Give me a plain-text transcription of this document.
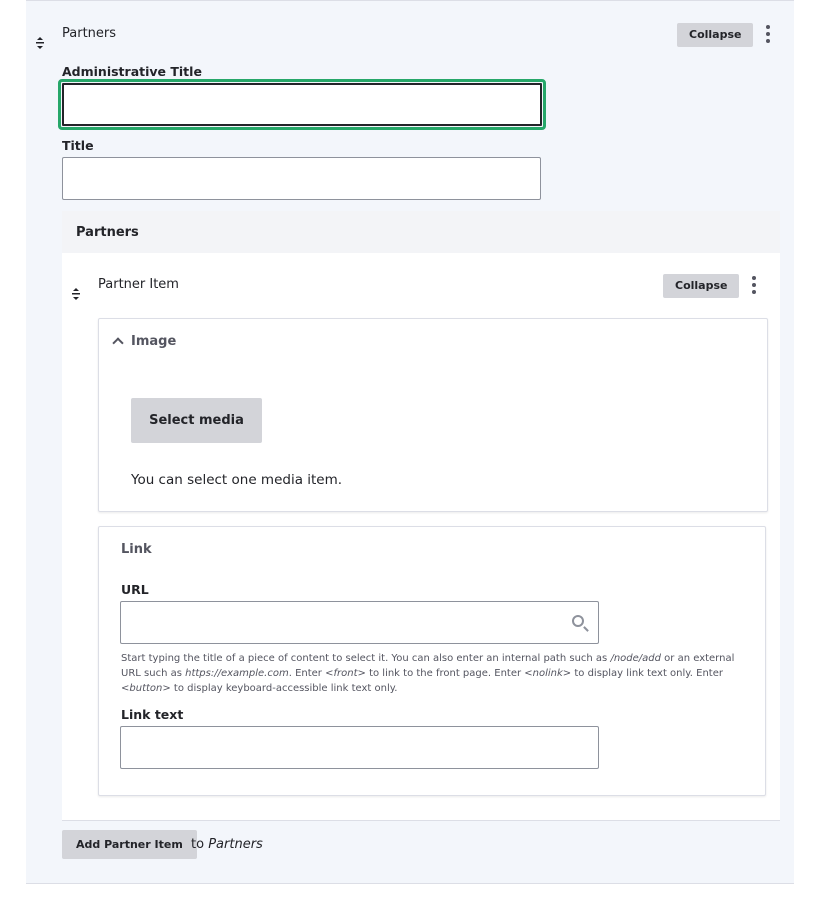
Partners	Collapse
Administrative Title
Title
Partners
Partner Item	Collapse
Image
Select media
You can select one media item.
Link
URL
Start typing the title of a piece of content to select it. You can also enter an internal path such as /node/add or an external URL such as https://example.com. Enter <front> to link to the front page. Enter <nolink> to display link text only. Enter <button> to display keyboard-accessible link text only.
Link text
Add Partner Item to Partners
